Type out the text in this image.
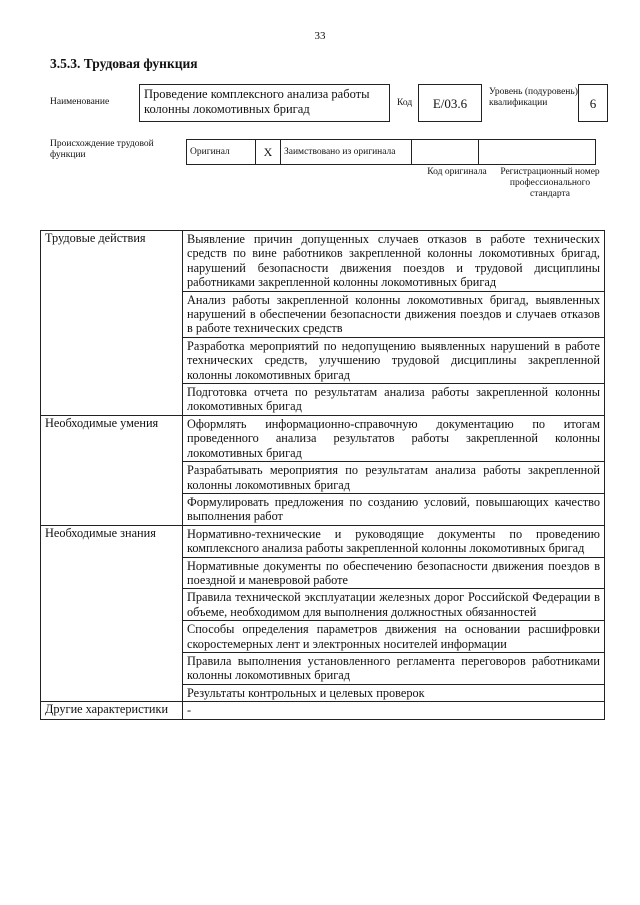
33
3.5.3. Трудовая функция
Наименование
Проведение комплексного анализа работы колонны локомотивных бригад	Код	E/03.6
Уровень (подуровень) квалификации	6
Происхождение трудовой функции	Оригинал	X	Заимствовано из оригинала		
Код оригинала	Регистрационный номер профессионального стандарта
Трудовые действия	Выявление причин допущенных случаев отказов в работе технических средств по вине работников закрепленной колонны локомотивных бригад, нарушений безопасности движения поездов и трудовой дисциплины работниками закрепленной колонны локомотивных бригад
	Анализ работы закрепленной колонны локомотивных бригад, выявленных нарушений в обеспечении безопасности движения поездов и случаев отказов в работе технических средств
	Разработка мероприятий по недопущению выявленных нарушений в работе технических средств, улучшению трудовой дисциплины закрепленной колонны локомотивных бригад
	Подготовка отчета по результатам анализа работы закрепленной колонны локомотивных бригад
Необходимые умения	Оформлять информационно-справочную документацию по итогам проведенного анализа результатов работы закрепленной колонны локомотивных бригад
	Разрабатывать мероприятия по результатам анализа работы закрепленной колонны локомотивных бригад
	Формулировать предложения по созданию условий, повышающих качество выполнения работ
Необходимые знания	Нормативно-технические и руководящие документы по проведению комплексного анализа работы закрепленной колонны локомотивных бригад
	Нормативные документы по обеспечению безопасности движения поездов в поездной и маневровой работе
	Правила технической эксплуатации железных дорог Российской Федерации в объеме, необходимом для выполнения должностных обязанностей
	Способы определения параметров движения на основании расшифровки скоростемерных лент и электронных носителей информации
	Правила выполнения установленного регламента переговоров работниками колонны локомотивных бригад
	Результаты контрольных и целевых проверок
Другие характеристики	-
